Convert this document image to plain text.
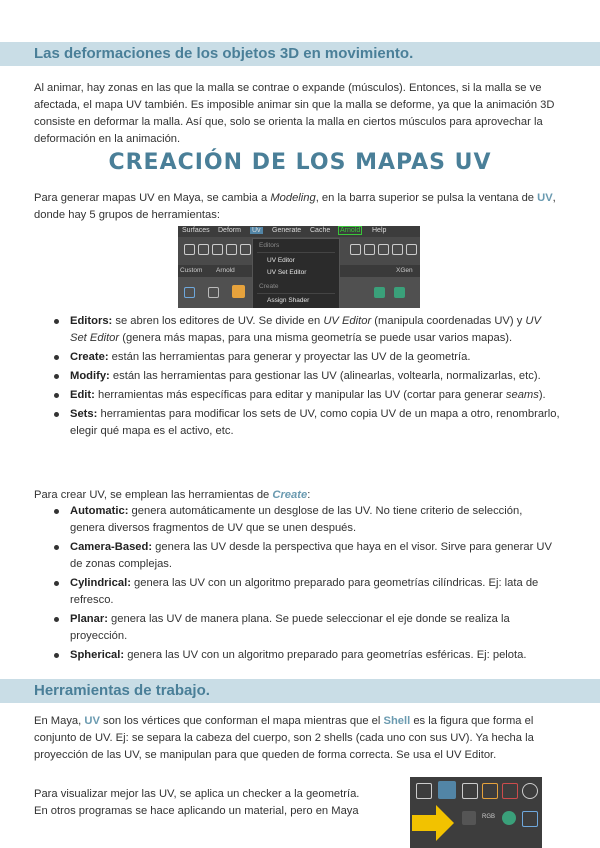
Las deformaciones de los objetos 3D en movimiento.
Al animar, hay zonas en las que la malla se contrae o expande (músculos). Entonces, si la malla se ve afectada, el mapa UV también. Es imposible animar sin que la malla se deforme, ya que la animación 3D consiste en deformar la malla. Así que, solo se orienta la malla en ciertos músculos para aprovechar la deformación en la animación.
CREACIÓN DE LOS MAPAS UV
Para generar mapas UV en Maya, se cambia a Modeling, en la barra superior se pulsa la ventana de UV, donde hay 5 grupos de herramientas:
Surfaces Deform Uv Generate Cache Arnold Help
Custom Arnold	XGen
Editors
UV Editor
UV Set Editor
Create
Assign Shader
Editors: se abren los editores de UV. Se divide en UV Editor (manipula coordenadas UV) y UV Set Editor (genera más mapas, para una misma geometría se puede usar varios mapas).
Create: están las herramientas para generar y proyectar las UV de la geometría.
Modify: están las herramientas para gestionar las UV (alinearlas, voltearla, normalizarlas, etc).
Edit: herramientas más específicas para editar y manipular las UV (cortar para generar seams).
Sets: herramientas para modificar los sets de UV, como copia UV de un mapa a otro, renombrarlo, elegir qué mapa es el activo, etc.
Para crear UV, se emplean las herramientas de Create:
Automatic: genera automáticamente un desglose de las UV. No tiene criterio de selección, genera diversos fragmentos de UV que se unen después.
Camera-Based: genera las UV desde la perspectiva que haya en el visor. Sirve para generar UV de zonas complejas.
Cylindrical: genera las UV con un algoritmo preparado para geometrías cilíndricas. Ej: lata de refresco.
Planar: genera las UV de manera plana. Se puede seleccionar el eje donde se realiza la proyección.
Spherical: genera las UV con un algoritmo preparado para geometrías esféricas. Ej: pelota.
Herramientas de trabajo.
En Maya, UV son los vértices que conforman el mapa mientras que el Shell es la figura que forma el conjunto de UV. Ej: se separa la cabeza del cuerpo, son 2 shells (cada uno con sus UV). Ya hecha la proyección de las UV, se manipulan para que queden de forma correcta. Se usa el UV Editor.
Para visualizar mejor las UV, se aplica un checker a la geometría.
En otros programas se hace aplicando un material, pero en Maya	RGB
